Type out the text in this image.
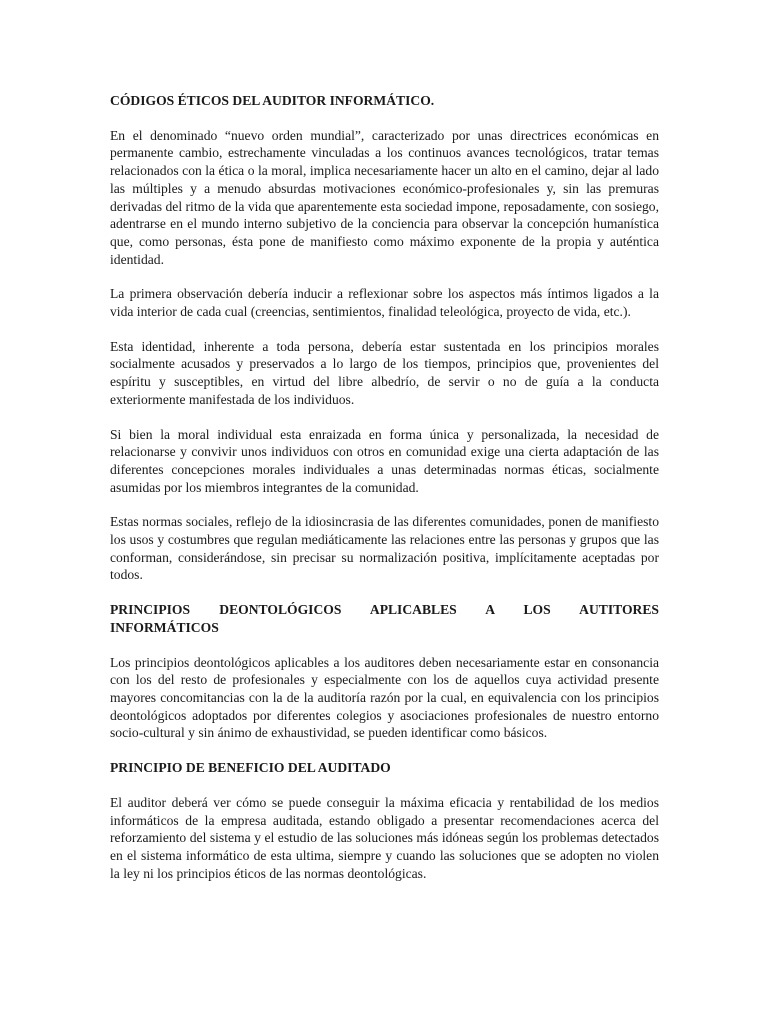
CÓDIGOS ÉTICOS DEL AUDITOR INFORMÁTICO.

En el denominado “nuevo orden mundial”, caracterizado por unas directrices económicas en permanente cambio, estrechamente vinculadas a los continuos avances tecnológicos, tratar temas relacionados con la ética o la moral, implica necesariamente hacer un alto en el camino, dejar al lado las múltiples y a menudo absurdas motivaciones económico-profesionales y, sin las premuras derivadas del ritmo de la vida que aparentemente esta sociedad impone, reposadamente, con sosiego, adentrarse en el mundo interno subjetivo de la conciencia para observar la concepción humanística que, como personas, ésta pone de manifiesto como máximo exponente de la propia y auténtica identidad.

La primera observación debería inducir a reflexionar sobre los aspectos más íntimos ligados a la vida interior de cada cual (creencias, sentimientos, finalidad teleológica, proyecto de vida, etc.).

Esta identidad, inherente a toda persona, debería estar sustentada en los principios morales socialmente acusados y preservados a lo largo de los tiempos, principios que, provenientes del espíritu y susceptibles, en virtud del libre albedrío, de servir o no de guía a la conducta exteriormente manifestada de los individuos.

Si bien la moral individual esta enraizada en forma única y personalizada, la necesidad de relacionarse y convivir unos individuos con otros en comunidad exige una cierta adaptación de las diferentes concepciones morales individuales a unas determinadas normas éticas, socialmente asumidas por los miembros integrantes de la comunidad.

Estas normas sociales, reflejo de la idiosincrasia de las diferentes comunidades, ponen de manifiesto los usos y costumbres que regulan mediáticamente las relaciones entre las personas y grupos que las conforman, considerándose, sin precisar su normalización positiva, implícitamente aceptadas por todos.

PRINCIPIOS DEONTOLÓGICOS APLICABLES A LOS AUTITORES
INFORMÁTICOS

Los principios deontológicos aplicables a los auditores deben necesariamente estar en consonancia con los del resto de profesionales y especialmente con los de aquellos cuya actividad presente mayores concomitancias con la de la auditoría razón por la cual, en equivalencia con los principios deontológicos adoptados por diferentes colegios y asociaciones profesionales de nuestro entorno socio-cultural y sin ánimo de exhaustividad, se pueden identificar como básicos.

PRINCIPIO DE BENEFICIO DEL AUDITADO

El auditor deberá ver cómo se puede conseguir la máxima eficacia y rentabilidad de los medios informáticos de la empresa auditada, estando obligado a presentar recomendaciones acerca del reforzamiento del sistema y el estudio de las soluciones más idóneas según los problemas detectados en el sistema informático de esta ultima, siempre y cuando las soluciones que se adopten no violen la ley ni los principios éticos de las normas deontológicas.
